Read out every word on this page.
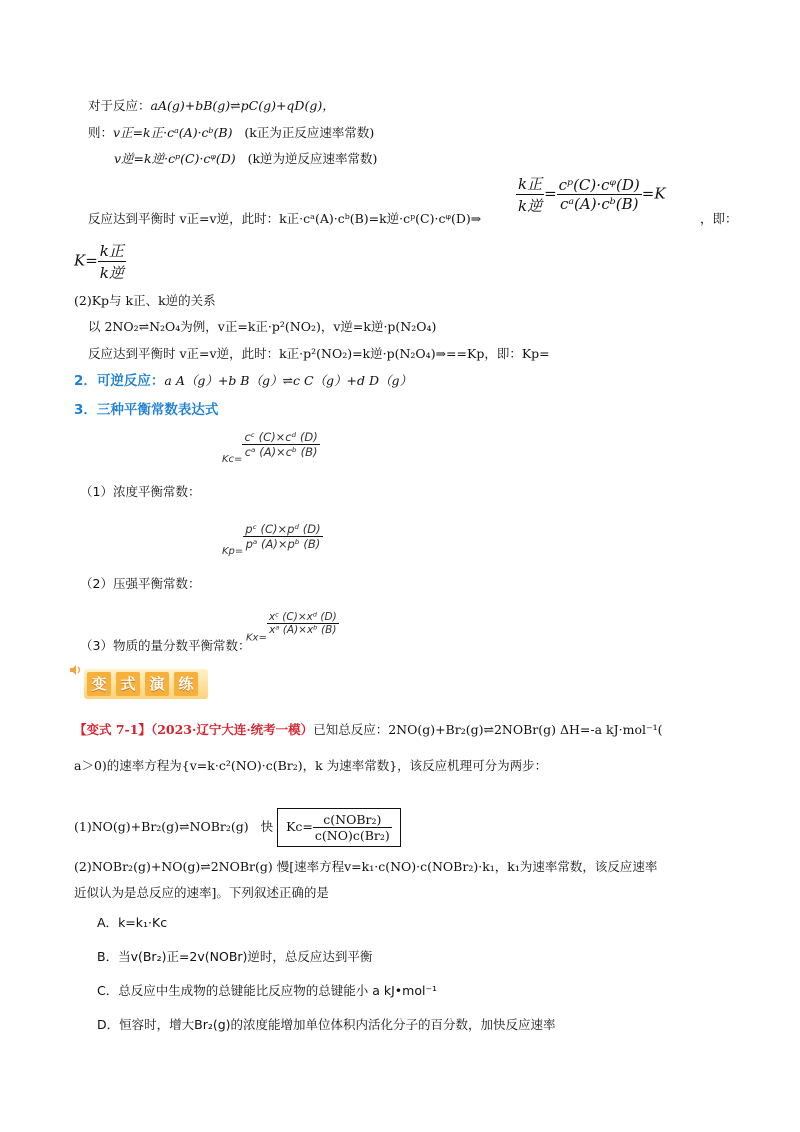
对于反应：aA(g)+bB(g)⇌pC(g)+qD(g)，
则：v正=k正·cᵃ(A)·cᵇ(B) (k正为正反应速率常数)
v逆=k逆·cᵖ(C)·cᵠ(D) (k逆为逆反应速率常数)
反应达到平衡时 v正=v逆，此时：k正·cᵃ(A)·cᵇ(B)=k逆·cᵖ(C)·cᵠ(D)⇒
$\frac{\text{k正}}{\text{k逆}} = \frac{\text{cᵖ(C)·cᵠ(D)}}{\text{cᵃ(A)·cᵇ(B)}} =K$
，即：
$K= \frac{\text{k正}}{\text{k逆}}$
(2)Kp与 k正、k逆的关系
以 2NO₂⇌N₂O₄为例，v正=k正·p²(NO₂)，v逆=k逆·p(N₂O₄)
反应达到平衡时 v正=v逆，此时：k正·p²(NO₂)=k逆·p(N₂O₄)⇒==Kp，即：Kp=
2．可逆反应：a A（g）+b B（g）⇌c C（g）+d D（g）
3．三种平衡常数表达式
Kc=
$\frac{\text{cᶜ (C)×cᵈ (D)}}{\text{cᵃ (A)×cᵇ (B)}}$
（1）浓度平衡常数：
Kp=
$\frac{\text{pᶜ (C)×pᵈ (D)}}{\text{pᵃ (A)×pᵇ (B)}}$
（2）压强平衡常数：
（3）物质的量分数平衡常数：
Kx=
$\frac{\text{xᶜ (C)×xᵈ (D)}}{\text{xᵃ (A)×xᵇ (B)}}$
变 式 演 练
【变式 7-1】（2023·辽宁大连·统考一模）已知总反应：2NO(g)+Br₂(g)⇌2NOBr(g) ΔH=-a kJ·mol⁻¹(
a＞0)的速率方程为{v=k·c²(NO)·c(Br₂)，k 为速率常数}，该反应机理可分为两步：
(1)NO(g)+Br₂(g)⇌NOBr₂(g) 快 $Kc= \frac{\text{c(NOBr₂)}}{\text{c(NO)c(Br₂)}}$
(2)NOBr₂(g)+NO(g)⇌2NOBr(g) 慢[速率方程v=k₁·c(NO)·c(NOBr₂)·k₁，k₁为速率常数，该反应速率
近似认为是总反应的速率]。下列叙述正确的是
A．k=k₁·Kc
B．当v(Br₂)正=2v(NOBr)逆时，总反应达到平衡
C．总反应中生成物的总键能比反应物的总键能小 a kJ•mol⁻¹
D．恒容时，增大Br₂(g)的浓度能增加单位体积内活化分子的百分数，加快反应速率
